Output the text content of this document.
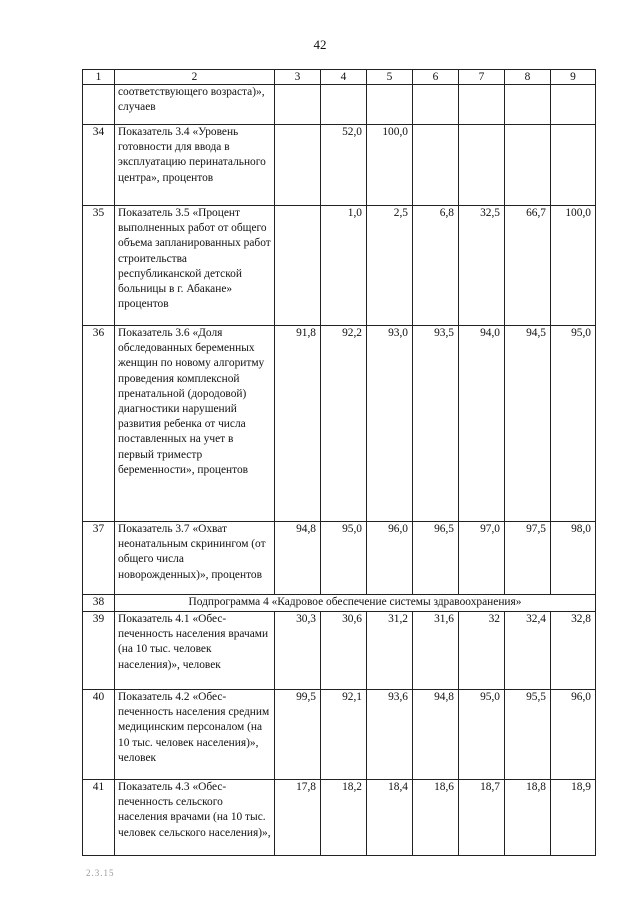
42
1	2	3	4	5	6	7	8	9
	соответствующего возраста)», случаев							
34	Показатель 3.4 «Уровень готовности для ввода в эксплуатацию перинатального центра», процентов		52,0	100,0				
35	Показатель 3.5 «Процент выполненных работ от общего объема запланированных работ строительства республиканской детской больницы в г. Абакане» процентов		1,0	2,5	6,8	32,5	66,7	100,0
36	Показатель 3.6 «Доля обследованных беременных женщин по новому алгоритму проведения комплексной пренатальной (дородовой) диагностики нарушений развития ребенка от числа поставленных на учет в первый триместр беременности», процентов	91,8	92,2	93,0	93,5	94,0	94,5	95,0
37	Показатель 3.7 «Охват неонатальным скринингом (от общего числа новорожденных)», процентов	94,8	95,0	96,0	96,5	97,0	97,5	98,0
38	Подпрограмма 4 «Кадровое обеспечение системы здравоохранения»							
39	Показатель 4.1 «Обес-печенность населения врачами (на 10 тыс. человек населения)», человек	30,3	30,6	31,2	31,6	32	32,4	32,8
40	Показатель 4.2 «Обес-печенность населения средним медицинским персоналом (на 10 тыс. человек населения)», человек	99,5	92,1	93,6	94,8	95,0	95,5	96,0
41	Показатель 4.3 «Обес-печенность сельского населения врачами (на 10 тыс. человек сельского населения)»,	17,8	18,2	18,4	18,6	18,7	18,8	18,9
2.3.15
